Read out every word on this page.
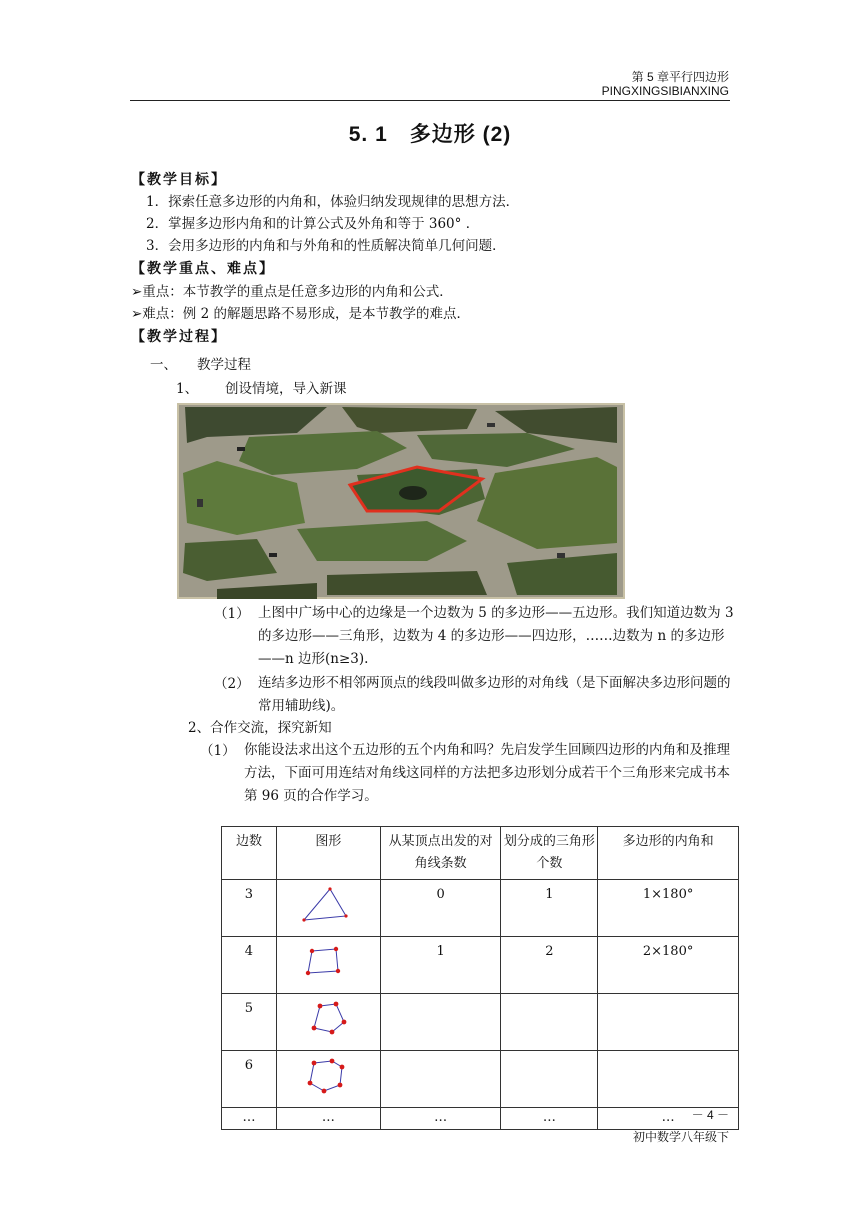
第 5 章平行四边形
PINGXINGSIBIANXING
5. 1　多边形 (2)
【教学目标】
1．探索任意多边形的内角和，体验归纳发现规律的思想方法．
2．掌握多边形内角和的计算公式及外角和等于 360° ．
3．会用多边形的内角和与外角和的性质解决简单几何问题．
【教学重点、难点】
➢重点：本节教学的重点是任意多边形的内角和公式．
➢难点：例 2 的解题思路不易形成，是本节教学的难点．
【教学过程】
一、 教学过程
1、 创设情境，导入新课
（1） 上图中广场中心的边缘是一个边数为 5 的多边形——五边形。我们知道边数为 3 的多边形——三角形，边数为 4 的多边形——四边形，……边数为 n 的多边形——n 边形(n≥3).
（2） 连结多边形不相邻两顶点的线段叫做多边形的对角线（是下面解决多边形问题的常用辅助线)。
2、合作交流，探究新知
（1） 你能设法求出这个五边形的五个内角和吗？先启发学生回顾四边形的内角和及推理方法，下面可用连结对角线这同样的方法把多边形划分成若干个三角形来完成书本第 96 页的合作学习。
边数	图形	从某顶点出发的对角线条数	划分成的三角形个数	多边形的内角和
3		0	1	1×180°
4		1	2	2×180°
5				
6				
…	…	…	…	… － 4 －
初中数学八年级下
